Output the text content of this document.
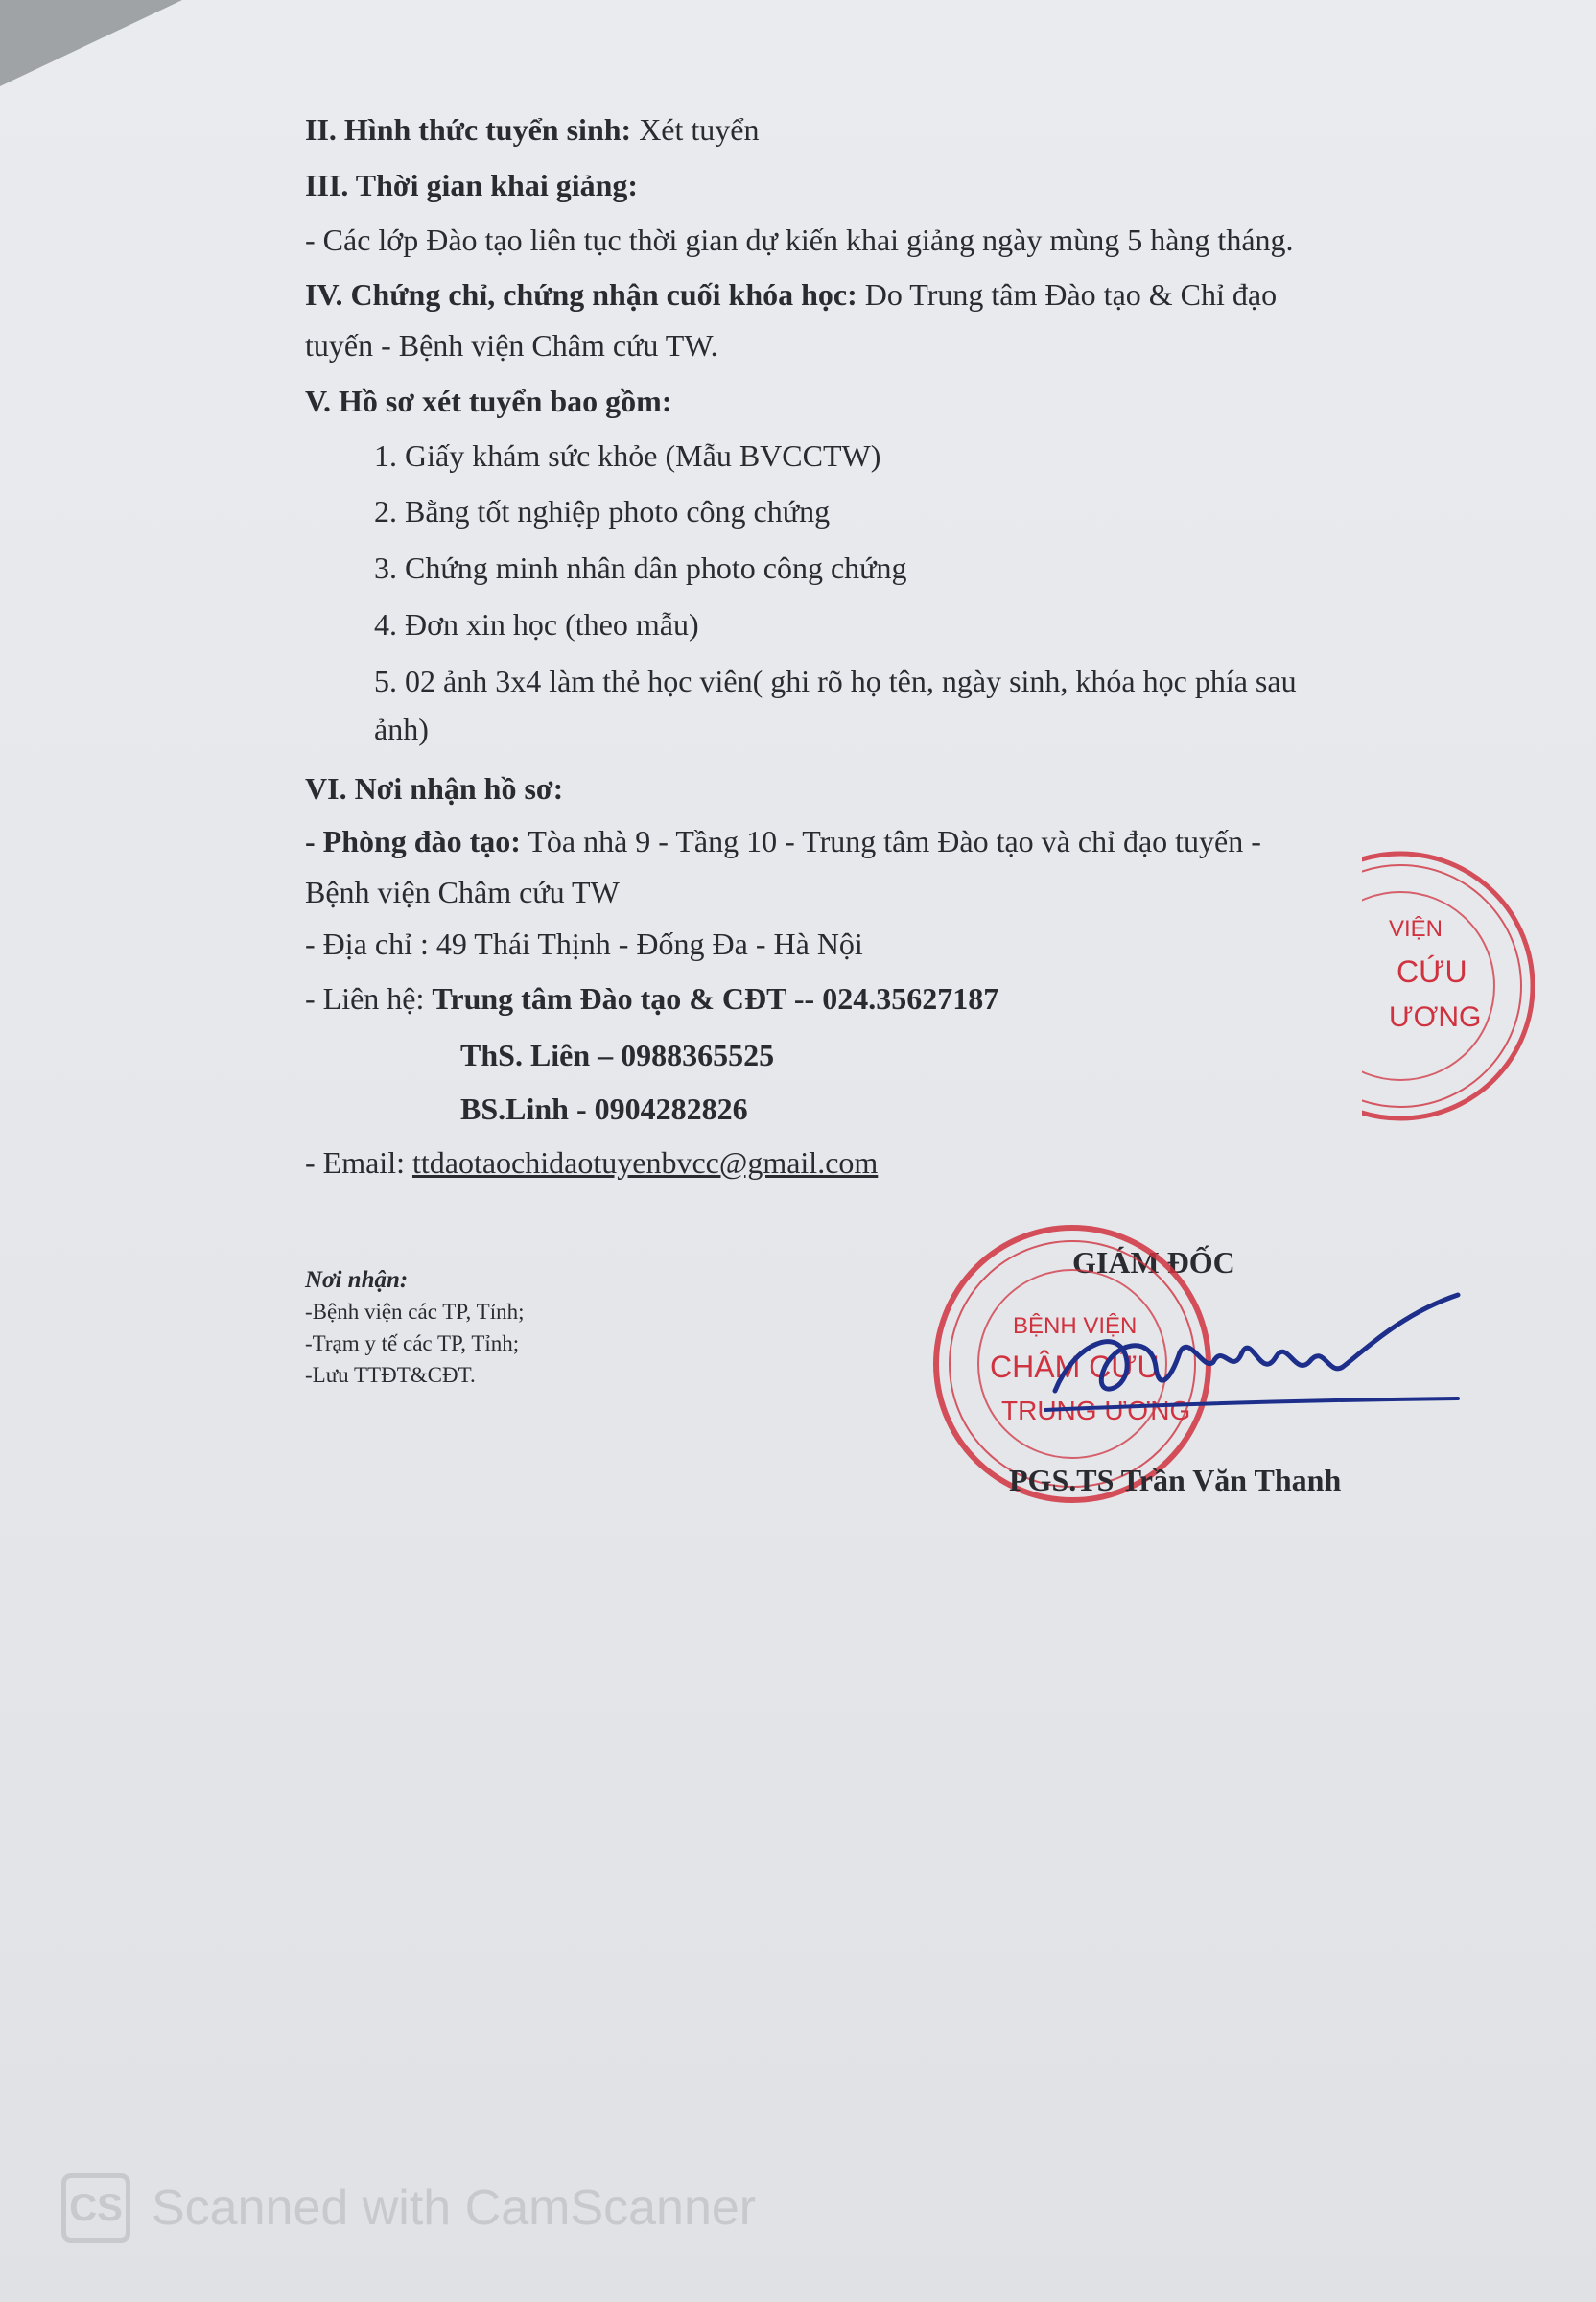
II. Hình thức tuyển sinh: Xét tuyển
III. Thời gian khai giảng:
- Các lớp Đào tạo liên tục thời gian dự kiến khai giảng ngày mùng 5 hàng tháng.
IV. Chứng chỉ, chứng nhận cuối khóa học: Do Trung tâm Đào tạo & Chỉ đạo
tuyến - Bệnh viện Châm cứu TW.
V. Hồ sơ xét tuyển bao gồm:
1. Giấy khám sức khỏe (Mẫu BVCCTW)
2. Bằng tốt nghiệp photo công chứng
3. Chứng minh nhân dân photo công chứng
4. Đơn xin học (theo mẫu)
5. 02 ảnh 3x4 làm thẻ học viên( ghi rõ họ tên, ngày sinh, khóa học phía sau
ảnh)
VI. Nơi nhận hồ sơ:
- Phòng đào tạo: Tòa nhà 9 - Tầng 10 - Trung tâm Đào tạo và chỉ đạo tuyến -
Bệnh viện Châm cứu TW
- Địa chỉ : 49 Thái Thịnh - Đống Đa - Hà Nội
- Liên hệ: Trung tâm Đào tạo & CĐT -- 024.35627187
ThS. Liên – 0988365525
BS.Linh - 0904282826
- Email: ttdaotaochidaotuyenbvcc@gmail.com
Nơi nhận:
-Bệnh viện các TP, Tỉnh;
-Trạm y tế các TP, Tỉnh;
-Lưu TTĐT&CĐT.
VIỆN
CỨU
ƯƠNG
GIÁM ĐỐC
BỆNH VIỆN
CHÂM CỨU
TRUNG ƯƠNG
PGS.TS Trần Văn Thanh
CS Scanned with CamScanner
